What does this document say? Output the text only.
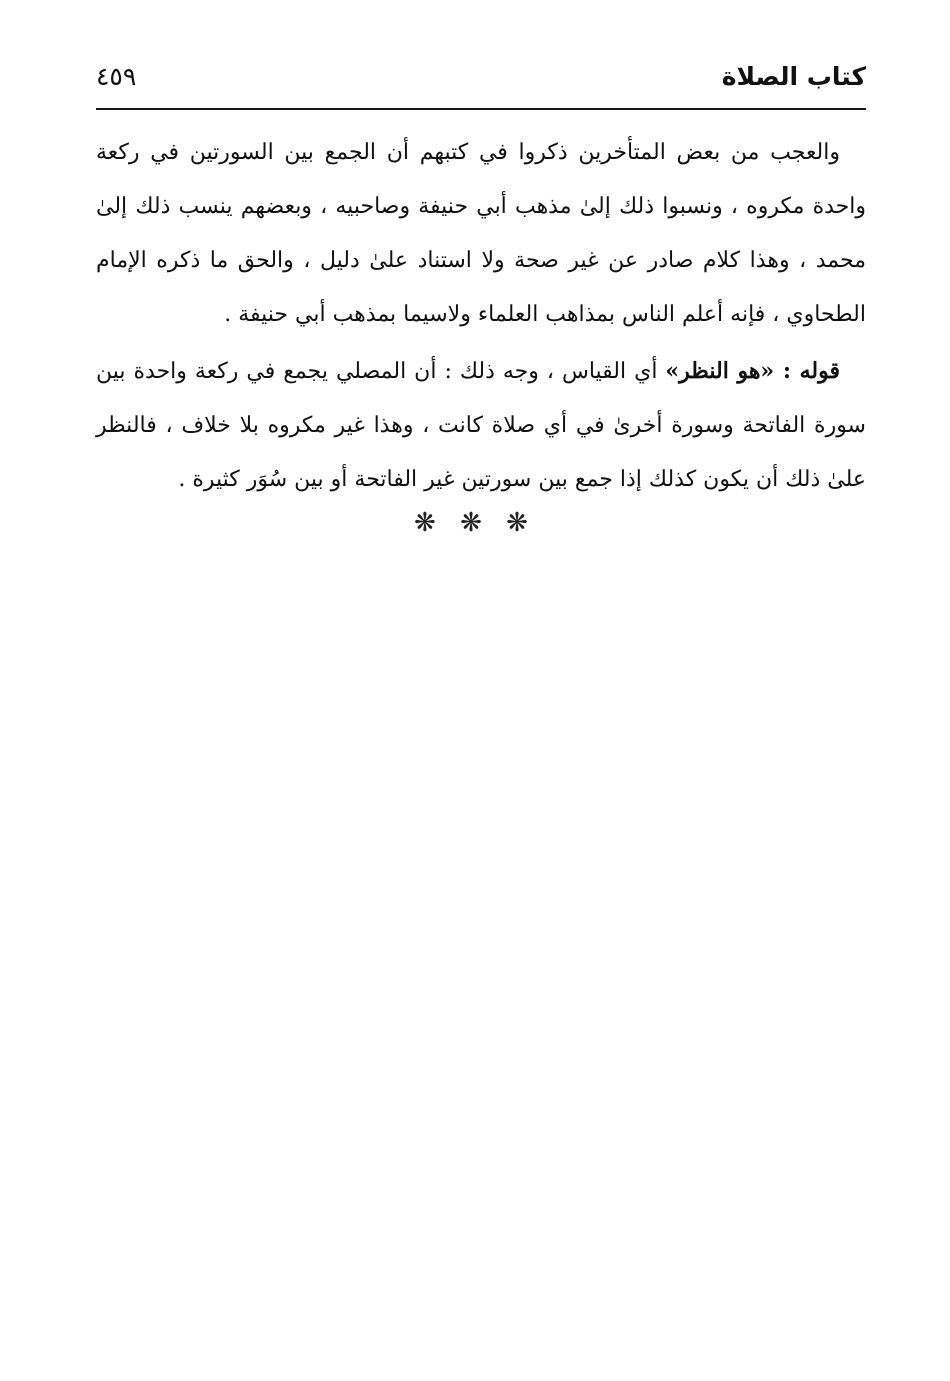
كتاب الصلاة
٤٥٩

والعجب من بعض المتأخرين ذكروا في كتبهم أن الجمع بين السورتين في ركعة واحدة مكروه ، ونسبوا ذلك إلىٰ مذهب أبي حنيفة وصاحبيه ، وبعضهم ينسب ذلك إلىٰ محمد ، وهذا كلام صادر عن غير صحة ولا استناد علىٰ دليل ، والحق ما ذكره الإمام الطحاوي ، فإنه أعلم الناس بمذاهب العلماء ولاسيما بمذهب أبي حنيفة .

قوله : «هو النظر» أي القياس ، وجه ذلك : أن المصلي يجمع في ركعة واحدة بين سورة الفاتحة وسورة أخرىٰ في أي صلاة كانت ، وهذا غير مكروه بلا خلاف ، فالنظر علىٰ ذلك أن يكون كذلك إذا جمع بين سورتين غير الفاتحة أو بين سُوَر كثيرة .

❋ ❋ ❋
